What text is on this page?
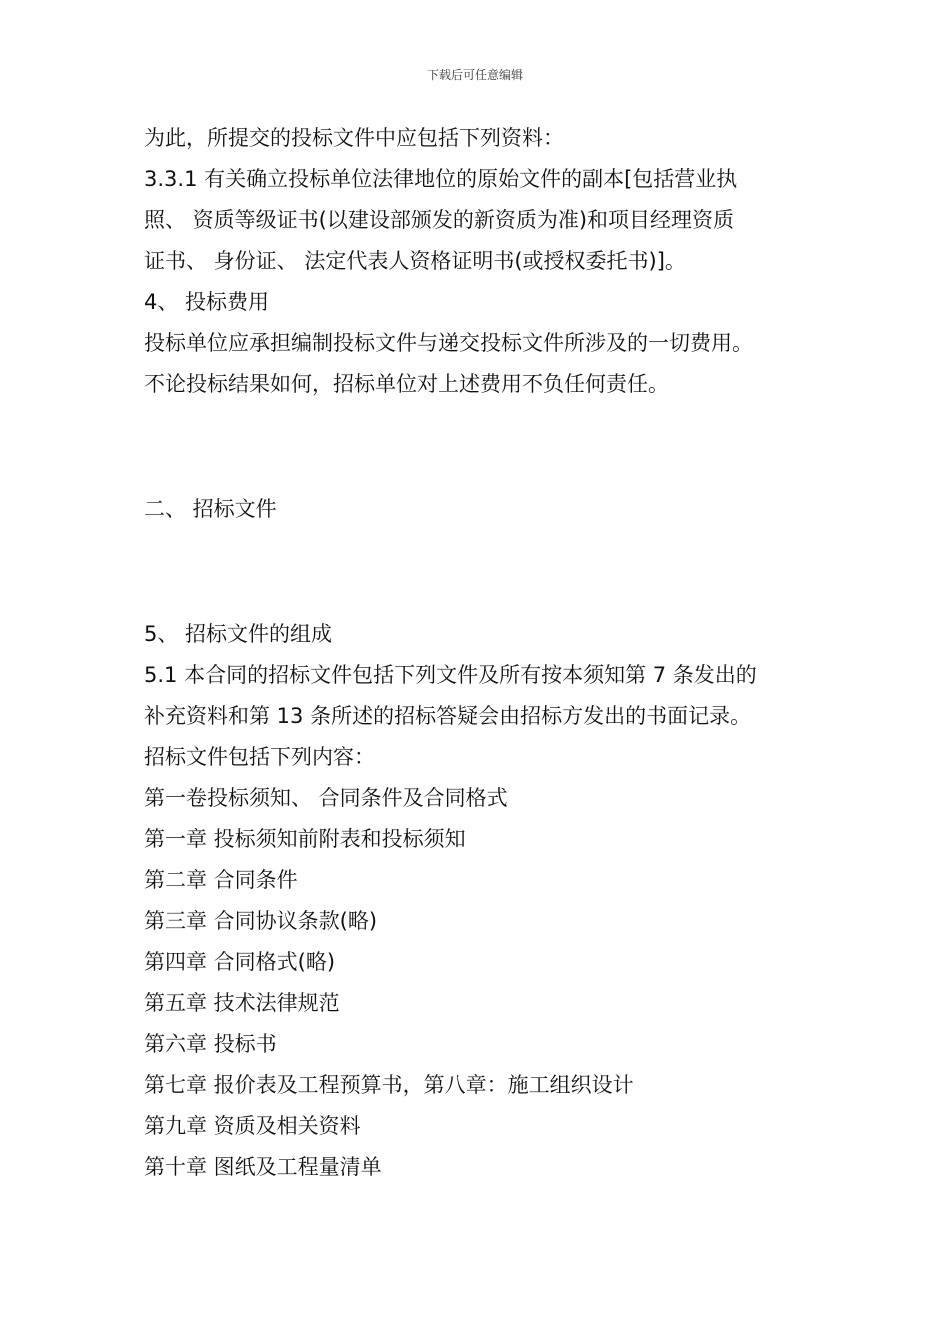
下载后可任意编辑
为此，所提交的投标文件中应包括下列资料：
3.3.1 有关确立投标单位法律地位的原始文件的副本[包括营业执
照、 资质等级证书(以建设部颁发的新资质为准)和项目经理资质
证书、 身份证、 法定代表人资格证明书(或授权委托书)]。
4、 投标费用
投标单位应承担编制投标文件与递交投标文件所涉及的一切费用。
不论投标结果如何，招标单位对上述费用不负任何责任。
二、 招标文件
5、 招标文件的组成
5.1 本合同的招标文件包括下列文件及所有按本须知第 7 条发出的
补充资料和第 13 条所述的招标答疑会由招标方发出的书面记录。
招标文件包括下列内容：
第一卷投标须知、 合同条件及合同格式
第一章 投标须知前附表和投标须知
第二章 合同条件
第三章 合同协议条款(略)
第四章 合同格式(略)
第五章 技术法律规范
第六章 投标书
第七章 报价表及工程预算书，第八章：施工组织设计
第九章 资质及相关资料
第十章 图纸及工程量清单
